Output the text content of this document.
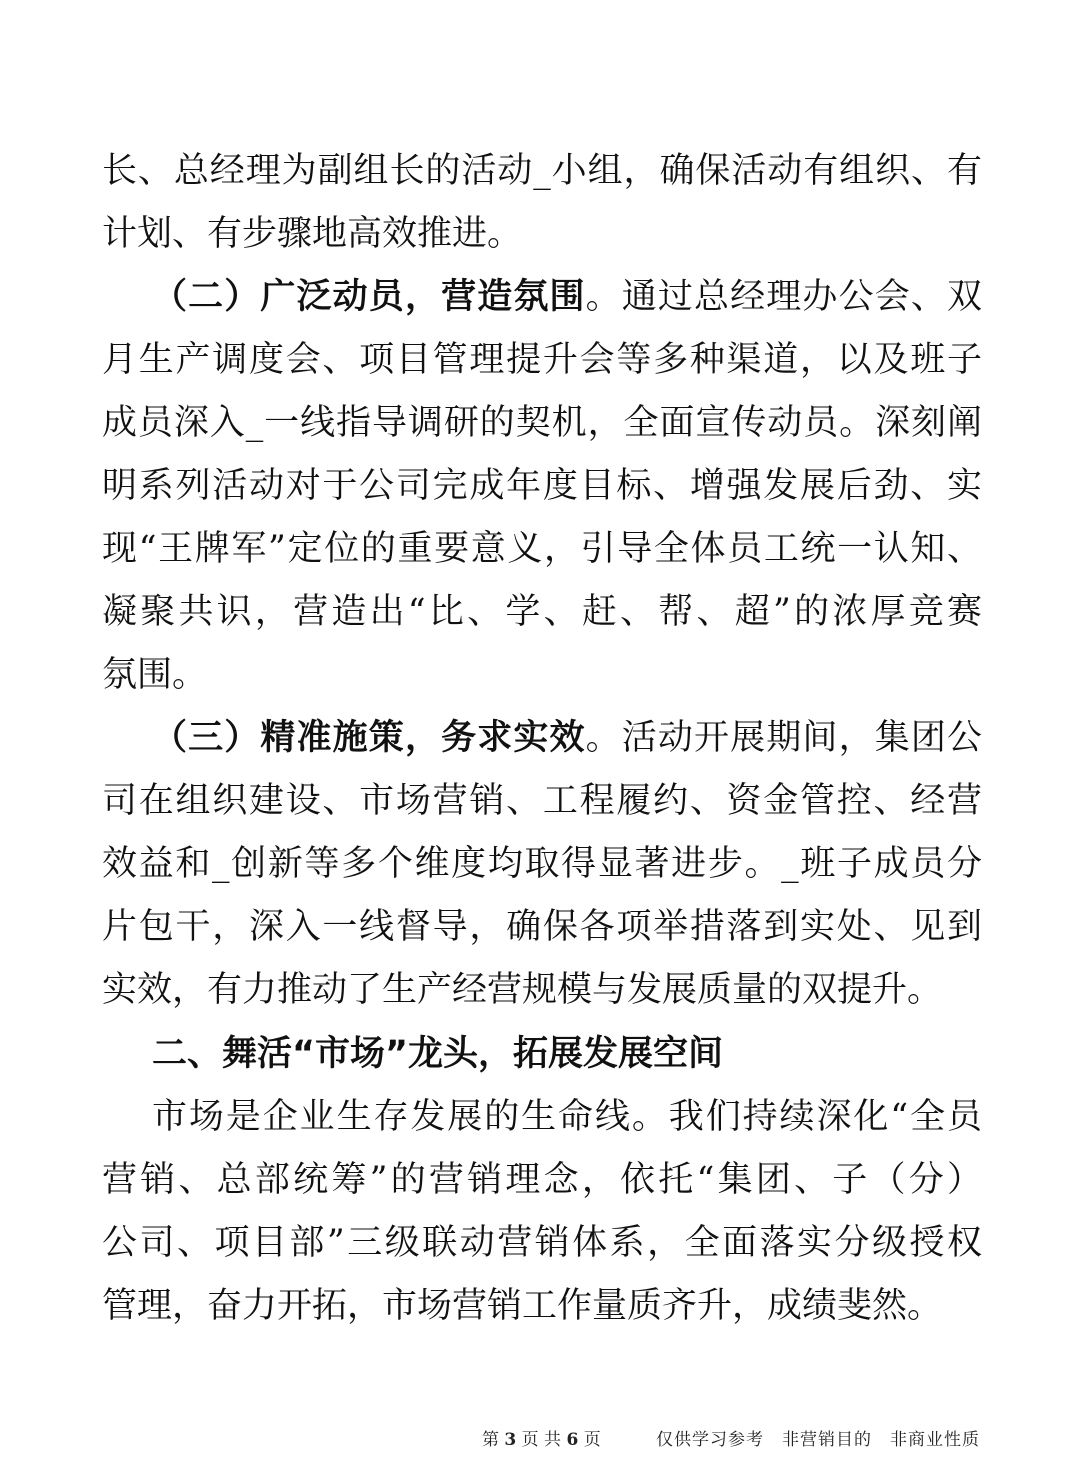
长、总经理为副组长的活动_小组，确保活动有组织、有
计划、有步骤地高效推进。
（二）广泛动员，营造氛围。通过总经理办公会、双
月生产调度会、项目管理提升会等多种渠道，以及班子
成员深入_一线指导调研的契机，全面宣传动员。深刻阐
明系列活动对于公司完成年度目标、增强发展后劲、实
现“王牌军”定位的重要意义，引导全体员工统一认知、
凝聚共识，营造出“比、学、赶、帮、超”的浓厚竞赛
氛围。
（三）精准施策，务求实效。活动开展期间，集团公
司在组织建设、市场营销、工程履约、资金管控、经营
效益和_创新等多个维度均取得显著进步。_班子成员分
片包干，深入一线督导，确保各项举措落到实处、见到
实效，有力推动了生产经营规模与发展质量的双提升。
二、舞活“市场”龙头，拓展发展空间
市场是企业生存发展的生命线。我们持续深化“全员
营销、总部统筹”的营销理念，依托“集团、子（分）
公司、项目部”三级联动营销体系，全面落实分级授权
管理，奋力开拓，市场营销工作量质齐升，成绩斐然。
第 3 页 共 6 页	仅供学习参考　非营销目的　非商业性质
